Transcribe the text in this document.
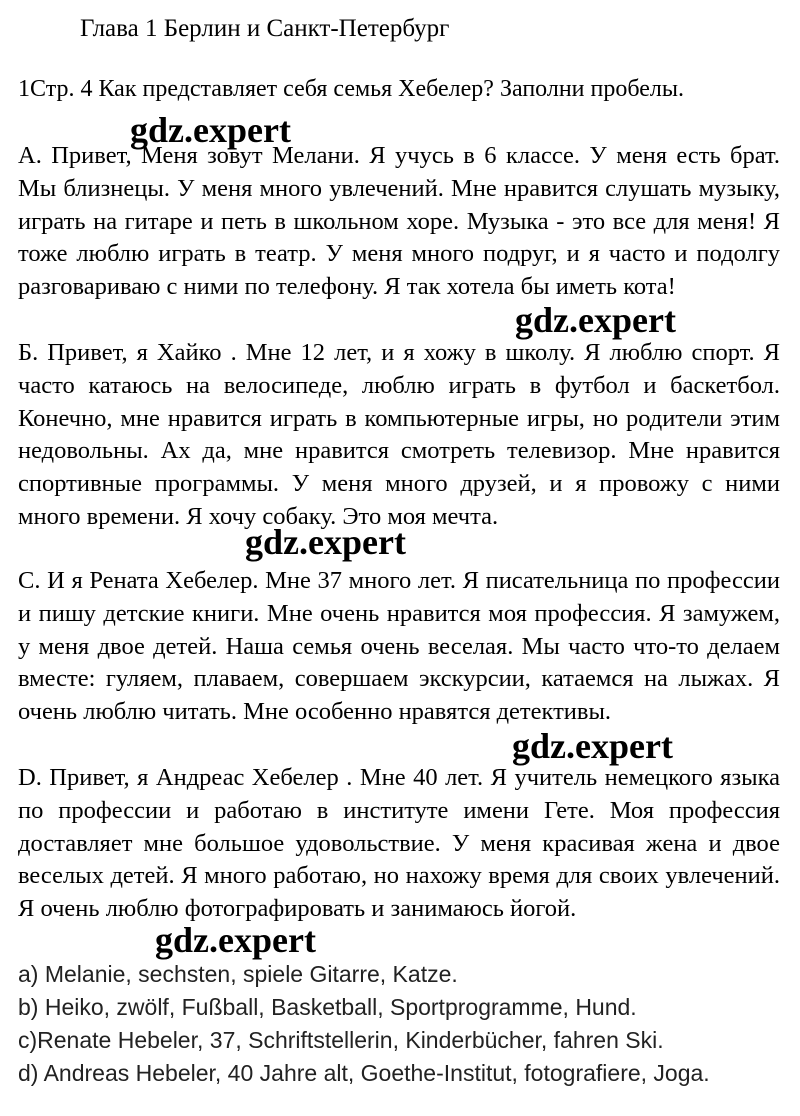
Глава 1 Берлин и Санкт-Петербург
1Стр. 4 Как представляет себя семья Хебелер? Заполни пробелы.
А. Привет, Меня зовут Мелани. Я учусь в 6 классе. У меня есть брат. Мы близнецы. У меня много увлечений. Мне нравится слушать музыку, играть на гитаре и петь в школьном хоре. Музыка - это все для меня! Я тоже люблю играть в театр. У меня много подруг, и я часто и подолгу разговариваю с ними по телефону. Я так хотела бы иметь кота!
Б. Привет, я Хайко . Мне 12 лет, и я хожу в школу. Я люблю спорт. Я часто катаюсь на велосипеде, люблю играть в футбол и баскетбол. Конечно, мне нравится играть в компьютерные игры, но родители этим недовольны. Ах да, мне нравится смотреть телевизор. Мне нравится спортивные программы. У меня много друзей, и я провожу с ними много времени. Я хочу собаку. Это моя мечта.
С. И я Рената Хебелер. Мне 37 много лет. Я писательница по профессии и пишу детские книги. Мне очень нравится моя профессия. Я замужем, у меня двое детей. Наша семья очень веселая. Мы часто что-то делаем вместе: гуляем, плаваем, совершаем экскурсии, катаемся на лыжах. Я очень люблю читать. Мне особенно нравятся детективы.
D. Привет, я Андреас Хебелер . Мне 40 лет. Я учитель немецкого языка по профессии и работаю в институте имени Гете. Моя профессия доставляет мне большое удовольствие. У меня красивая жена и двое веселых детей. Я много работаю, но нахожу время для своих увлечений. Я очень люблю фотографировать и занимаюсь йогой.
a) Melanie, sechsten, spiele Gitarre, Katze.
b) Heiko, zwölf, Fußball, Basketball, Sportprogramme, Hund.
c)Renate Hebeler, 37, Schriftstellerin, Kinderbücher, fahren Ski.
d) Andreas Hebeler, 40 Jahre alt, Goethe-Institut, fotografiere, Joga.
gdz.expert
gdz.expert
gdz.expert
gdz.expert
gdz.expert
